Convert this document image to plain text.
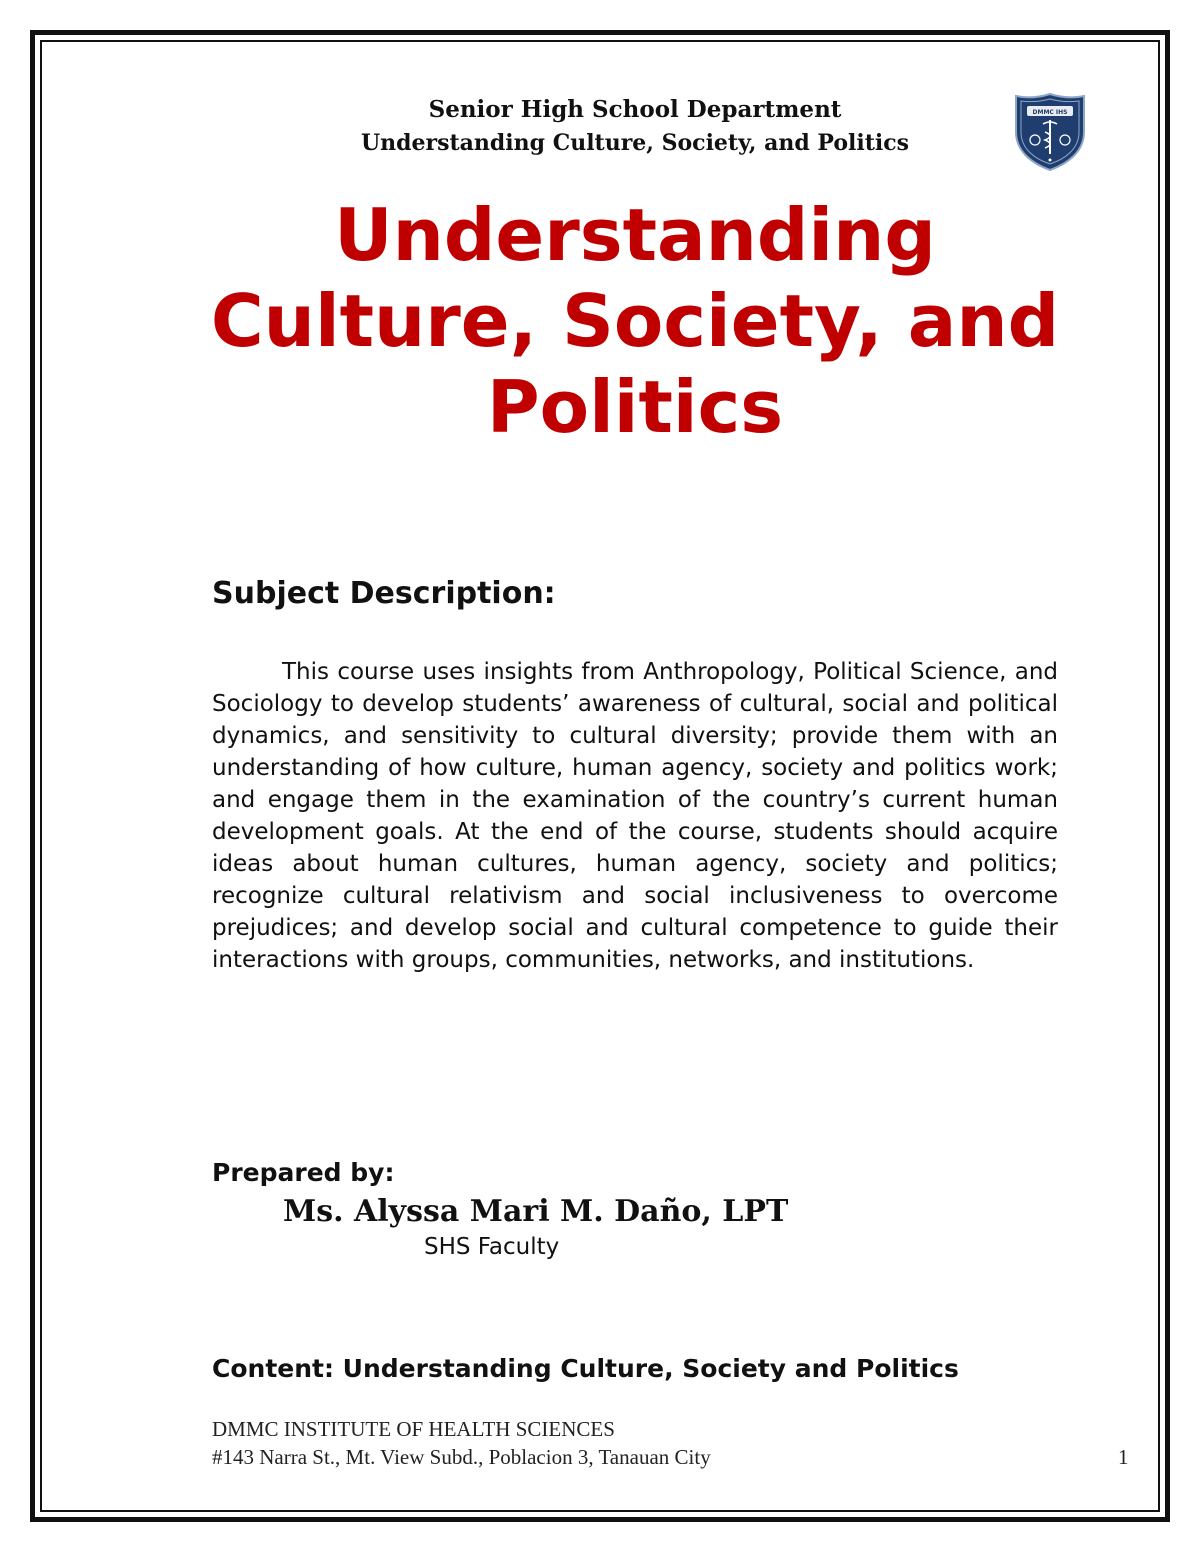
Senior High School Department
Understanding Culture, Society, and Politics
DMMC IHS
Understanding
Culture, Society, and
Politics
Subject Description:

This course uses insights from Anthropology, Political Science, and Sociology to develop students’ awareness of cultural, social and political dynamics, and sensitivity to cultural diversity; provide them with an understanding of how culture, human agency, society and politics work; and engage them in the examination of the country’s current human development goals. At the end of the course, students should acquire ideas about human cultures, human agency, society and politics; recognize cultural relativism and social inclusiveness to overcome prejudices; and develop social and cultural competence to guide their interactions with groups, communities, networks, and institutions.

Prepared by:
Ms. Alyssa Mari M. Daño, LPT
SHS Faculty
Content: Understanding Culture, Society and Politics
DMMC INSTITUTE OF HEALTH SCIENCES
#143 Narra St., Mt. View Subd., Poblacion 3, Tanauan City	1
